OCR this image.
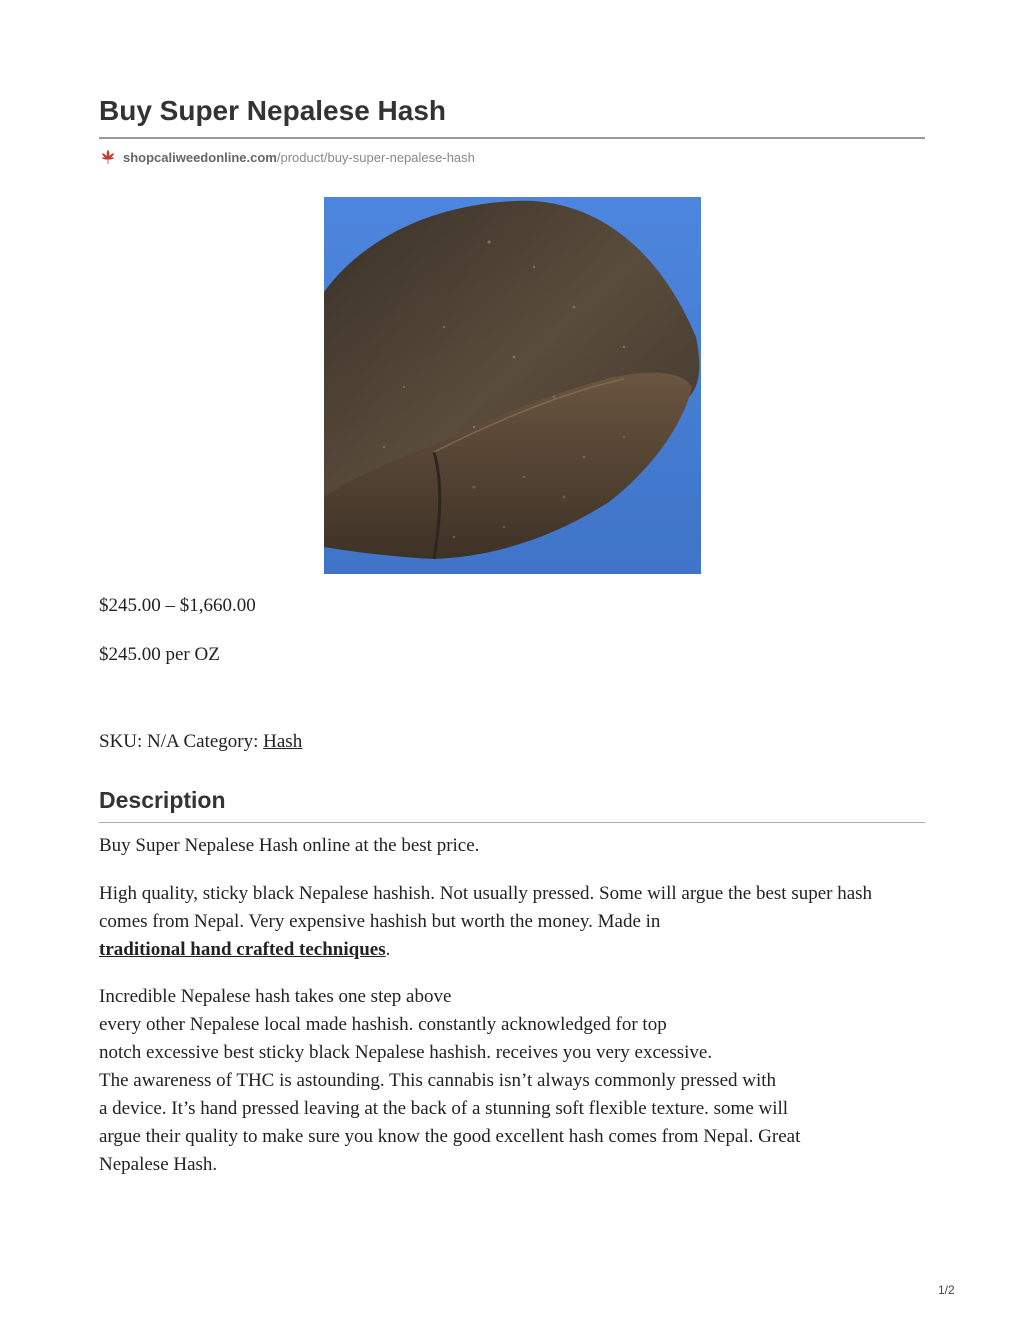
Buy Super Nepalese Hash
shopcaliweedonline.com /product/buy-super-nepalese-hash

$245.00 – $1,660.00

$245.00 per OZ

SKU: N/A Category: Hash

Description

Buy Super Nepalese Hash online at the best price.

High quality, sticky black Nepalese hashish. Not usually pressed. Some will argue the best super hash comes from Nepal. Very expensive hashish but worth the money. Made in
traditional hand crafted techniques.

Incredible Nepalese hash takes one step above
every other Nepalese local made hashish. constantly acknowledged for top
notch excessive best sticky black Nepalese hashish. receives you very excessive.
The awareness of THC is astounding. This cannabis isn’t always commonly pressed with
a device. It’s hand pressed leaving at the back of a stunning soft flexible texture. some will
argue their quality to make sure you know the good excellent hash comes from Nepal. Great
Nepalese Hash.

1/2
